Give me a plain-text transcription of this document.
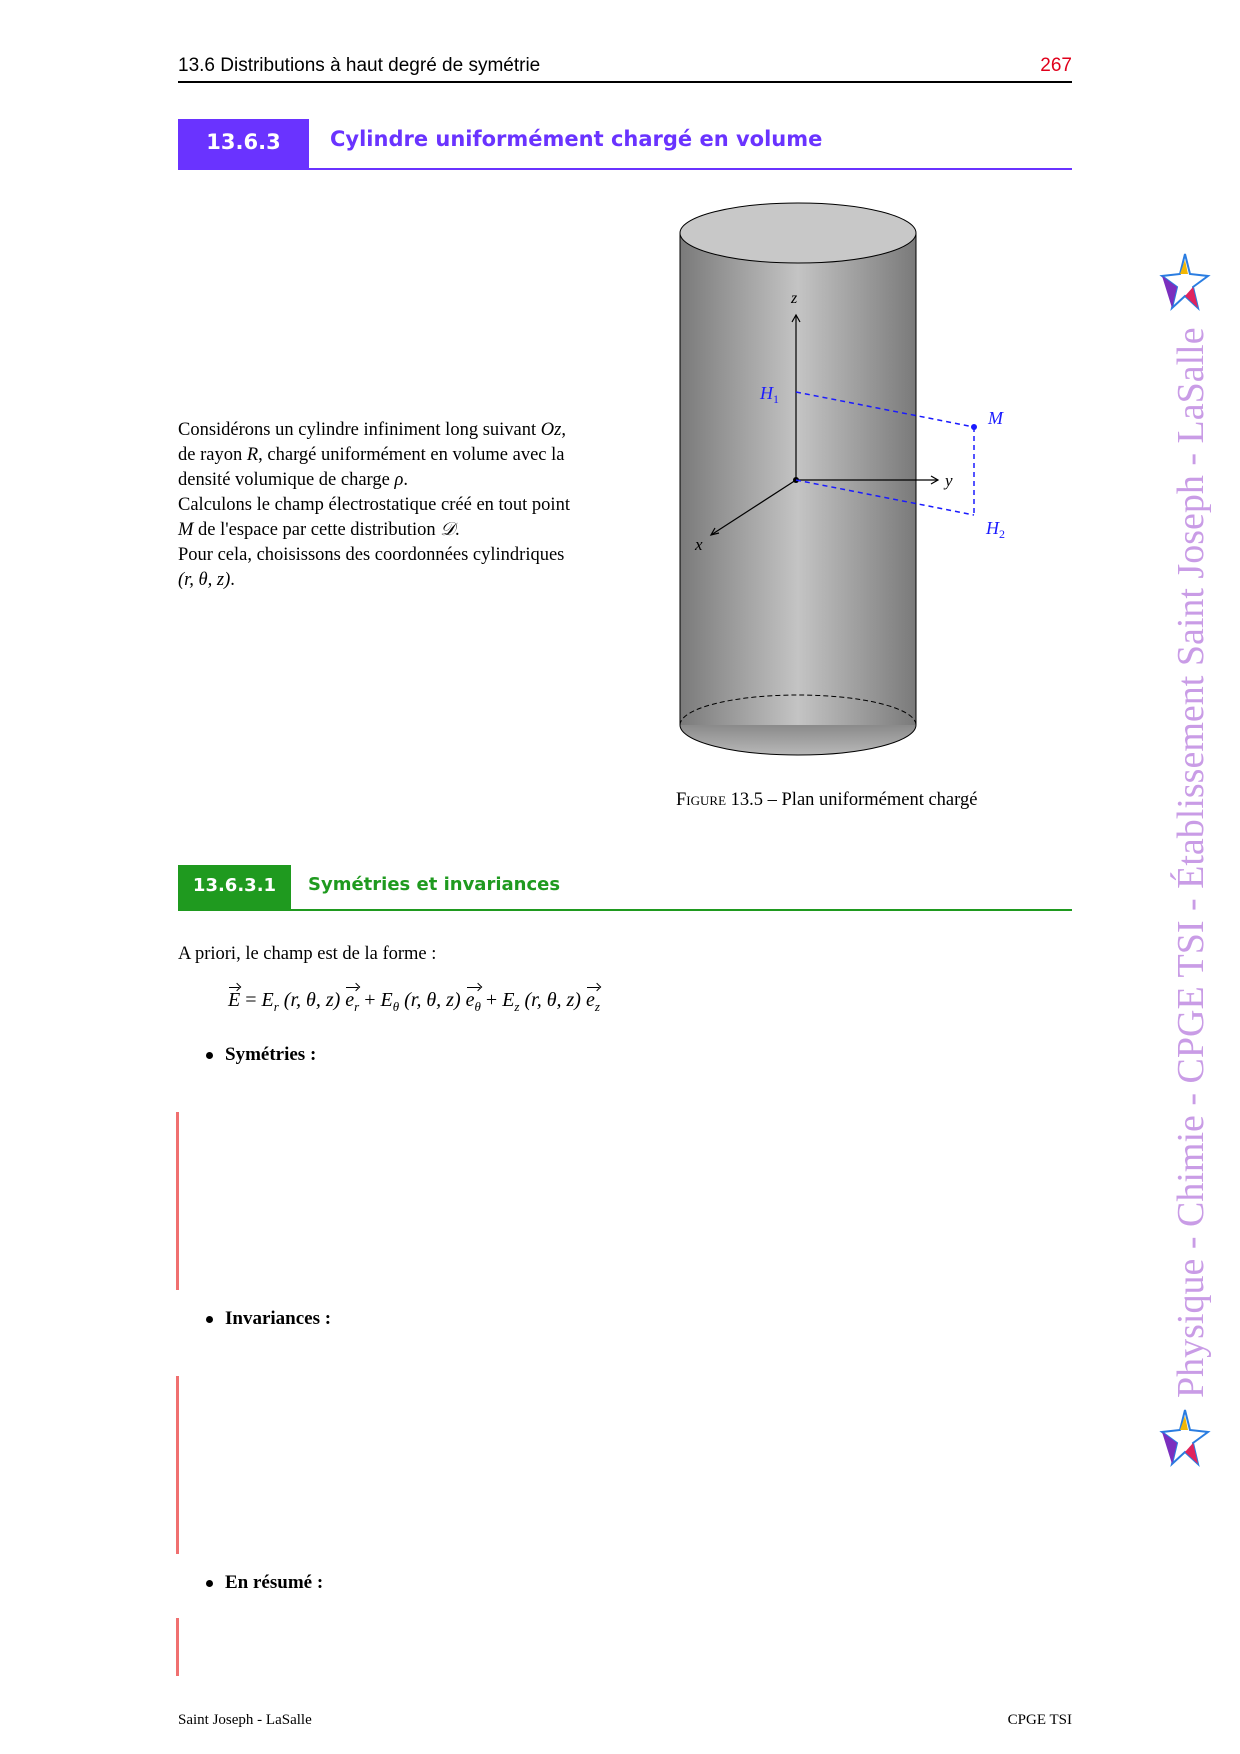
13.6 Distributions à haut degré de symétrie	267
13.6.3	Cylindre uniformément chargé en volume

Considérons un cylindre infiniment long suivant Oz,

de rayon R, chargé uniformément en volume avec la

densité volumique de charge ρ.

Calculons le champ électrostatique créé en tout point

M de l'espace par cette distribution 𝒟.

Pour cela, choisissons des coordonnées cylindriques

(r, θ, z).

z
y
x
$H_1$
M
$H_2$
Figure 13.5 – Plan uniformément chargé
13.6.3.1	Symétries et invariances
A priori, le champ est de la forme :
$E = E_r$ (r, θ, z) $e_r + E_\theta$ (r, θ, z) $e_\theta + E_z$ (r, θ, z) $e_z$
Symétries :
Invariances :
En résumé :
Physique - Chimie - CPGE TSI - Établissement Saint Joseph - LaSalle
Saint Joseph - LaSalle	CPGE TSI
